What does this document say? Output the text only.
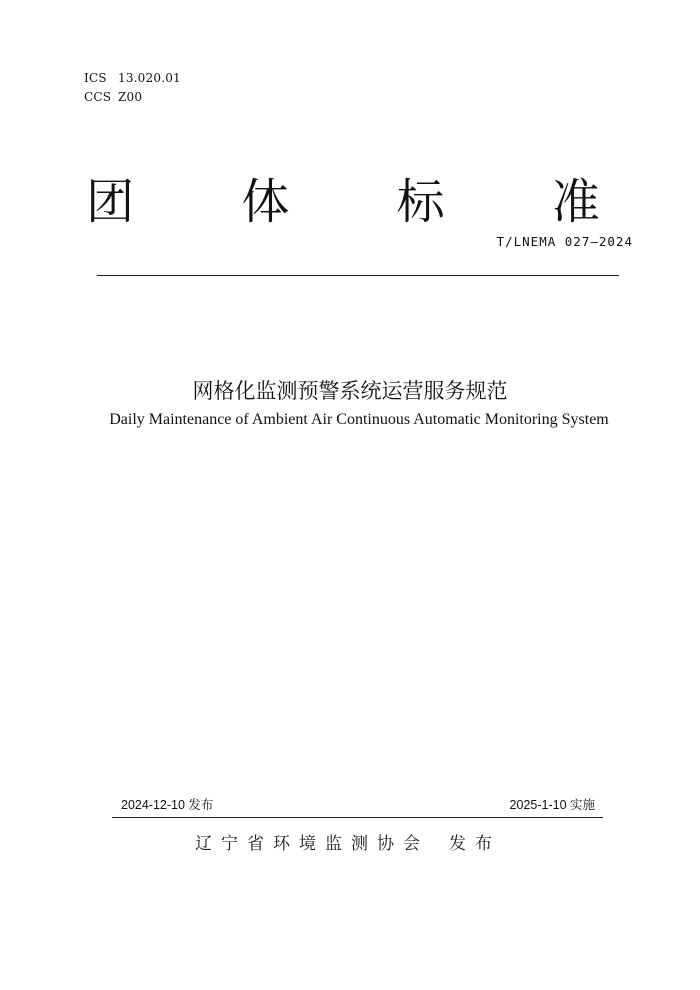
ICS 13.020.01
CCS Z00
团 体 标 准
T/LNEMA 027—2024
网格化监测预警系统运营服务规范
Daily Maintenance of Ambient Air Continuous Automatic Monitoring System
2024-12-10 发布	2025-1-10 实施
辽宁省环境监测协会 发布
